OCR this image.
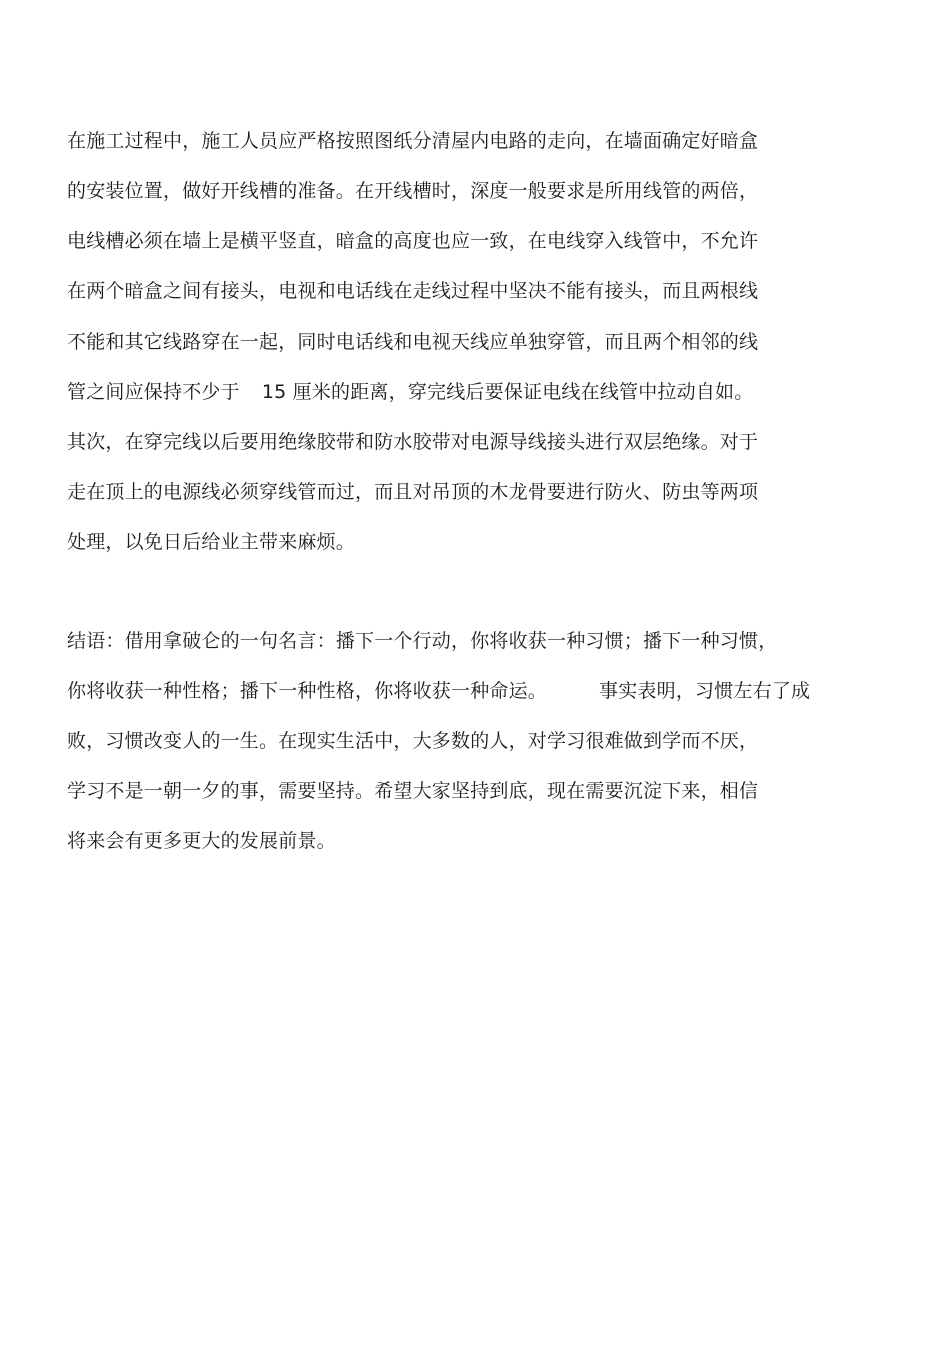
在施工过程中，施工人员应严格按照图纸分清屋内电路的走向，在墙面确定好暗盒
的安装位置，做好开线槽的准备。在开线槽时，深度一般要求是所用线管的两倍，
电线槽必须在墙上是横平竖直，暗盒的高度也应一致，在电线穿入线管中，不允许
在两个暗盒之间有接头，电视和电话线在走线过程中坚决不能有接头，而且两根线
不能和其它线路穿在一起，同时电话线和电视天线应单独穿管，而且两个相邻的线
管之间应保持不少于 15 厘米的距离，穿完线后要保证电线在线管中拉动自如。
其次，在穿完线以后要用绝缘胶带和防水胶带对电源导线接头进行双层绝缘。对于
走在顶上的电源线必须穿线管而过，而且对吊顶的木龙骨要进行防火、防虫等两项
处理，以免日后给业主带来麻烦。
结语：借用拿破仑的一句名言：播下一个行动，你将收获一种习惯；播下一种习惯，
你将收获一种性格；播下一种性格，你将收获一种命运。	事实表明，习惯左右了成
败，习惯改变人的一生。在现实生活中，大多数的人，对学习很难做到学而不厌，
学习不是一朝一夕的事，需要坚持。希望大家坚持到底，现在需要沉淀下来，相信
将来会有更多更大的发展前景。
